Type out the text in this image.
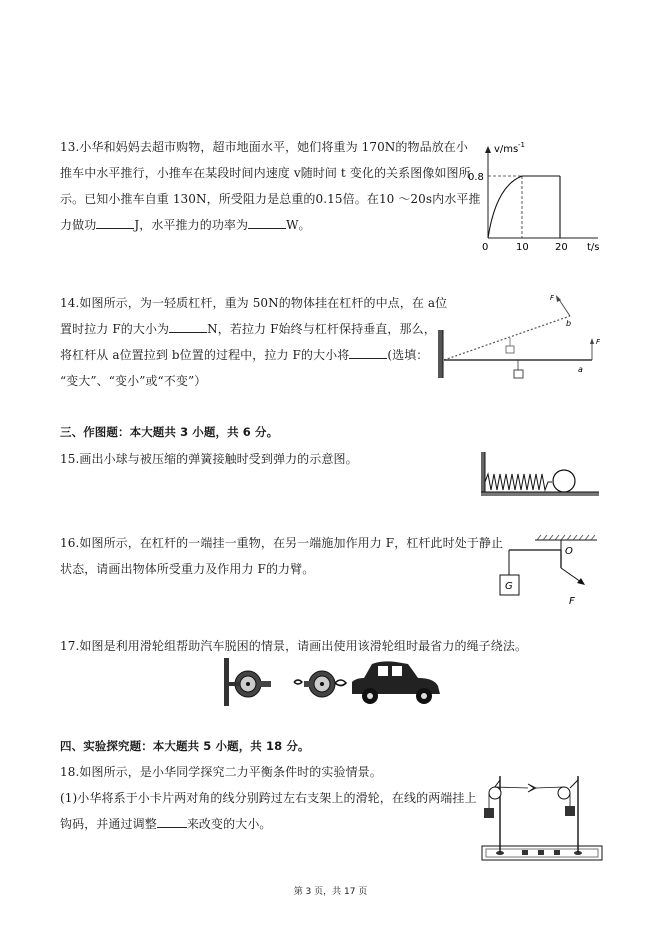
13.小华和妈妈去超市购物，超市地面水平，她们将重为 170N的物品放在小
推车中水平推行，小推车在某段时间内速度 v随时间 t 变化的关系图像如图所
示。已知小推车自重 130N，所受阻力是总重的0.15倍。在10 ～20s内水平推
力做功	J，水平推力的功率为	W。
v/ms -1
0.8
0	10	20 t/s
14.如图所示，为一轻质杠杆，重为 50N的物体挂在杠杆的中点，在 a位
置时拉力 F的大小为	N，若拉力 F始终与杠杆保持垂直，那么，
将杠杆从 a位置拉到 b位置的过程中，拉力 F的大小将	(选填：
“变大”、“变小”或“不变”）
F
b
F
a
三、作图题：本大题共 3 小题，共 6 分。
15.画出小球与被压缩的弹簧接触时受到弹力的示意图。
16.如图所示，在杠杆的一端挂一重物，在另一端施加作用力 F，杠杆此时处于静止
状态，请画出物体所受重力及作用力 F的力臂。
O
G
F
17.如图是利用滑轮组帮助汽车脱困的情景，请画出使用该滑轮组时最省力的绳子绕法。
四、实验探究题：本大题共 5 小题，共 18 分。
18.如图所示，是小华同学探究二力平衡条件时的实验情景。
(1)小华将系于小卡片两对角的线分别跨过左右支架上的滑轮，在线的两端挂上
钩码，并通过调整	来改变的大小。
第 3 页，共 17 页
